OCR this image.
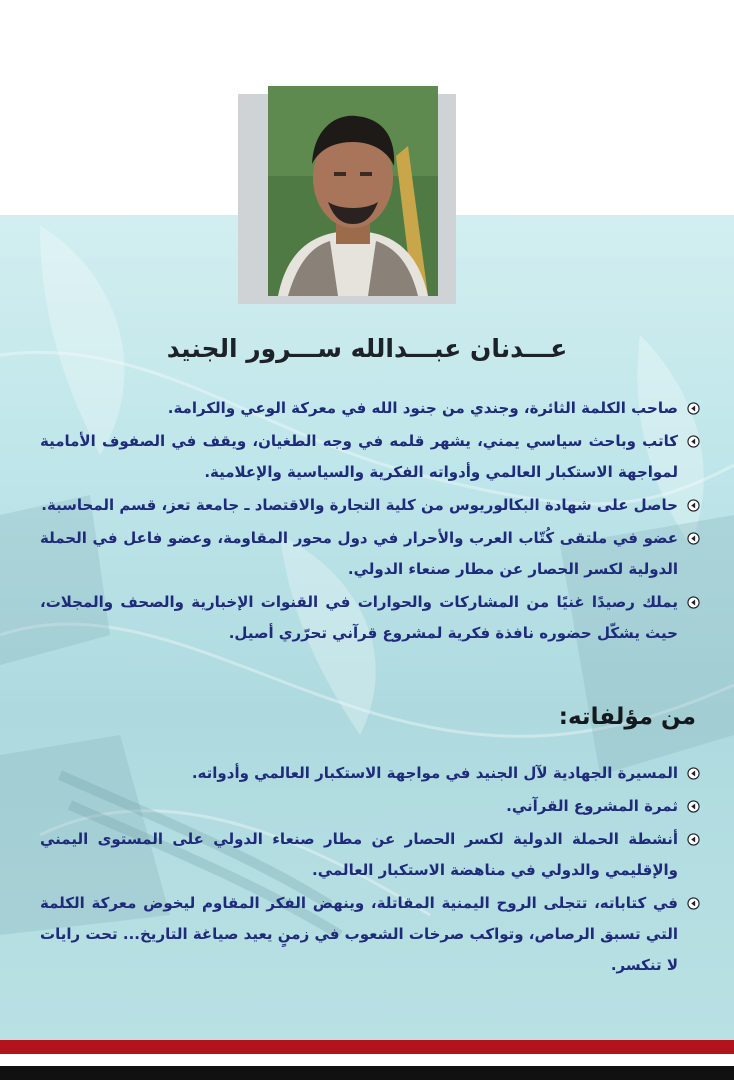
عـــدنان عبـــدالله ســـرور الجنيد
صاحب الكلمة الثائرة، وجندي من جنود الله في معركة الوعي والكرامة.
كاتب وباحث سياسي يمني، يشهر قلمه في وجه الطغيان، ويقف في الصفوف الأمامية لمواجهة الاستكبار العالمي وأدواته الفكرية والسياسية والإعلامية.
حاصل على شهادة البكالوريوس من كلية التجارة والاقتصاد ـ جامعة تعز، قسم المحاسبة.
عضو في ملتقى كُتّاب العرب والأحرار في دول محور المقاومة، وعضو فاعل في الحملة الدولية لكسر الحصار عن مطار صنعاء الدولي.
يملك رصيدًا غنيًا من المشاركات والحوارات في القنوات الإخبارية والصحف والمجلات، حيث يشكّل حضوره نافذة فكرية لمشروع قرآني تحرّري أصيل.
من مؤلفاته:
المسيرة الجهادية لآل الجنيد في مواجهة الاستكبار العالمي وأدواته.
ثمرة المشروع القرآني.
أنشطة الحملة الدولية لكسر الحصار عن مطار صنعاء الدولي على المستوى اليمني والإقليمي والدولي في مناهضة الاستكبار العالمي.
في كتاباته، تتجلى الروح اليمنية المقاتلة، وينهض الفكر المقاوم ليخوض معركة الكلمة التي تسبق الرصاص، وتواكب صرخات الشعوب في زمنٍ يعيد صياغة التاريخ... تحت رايات لا تنكسر.
